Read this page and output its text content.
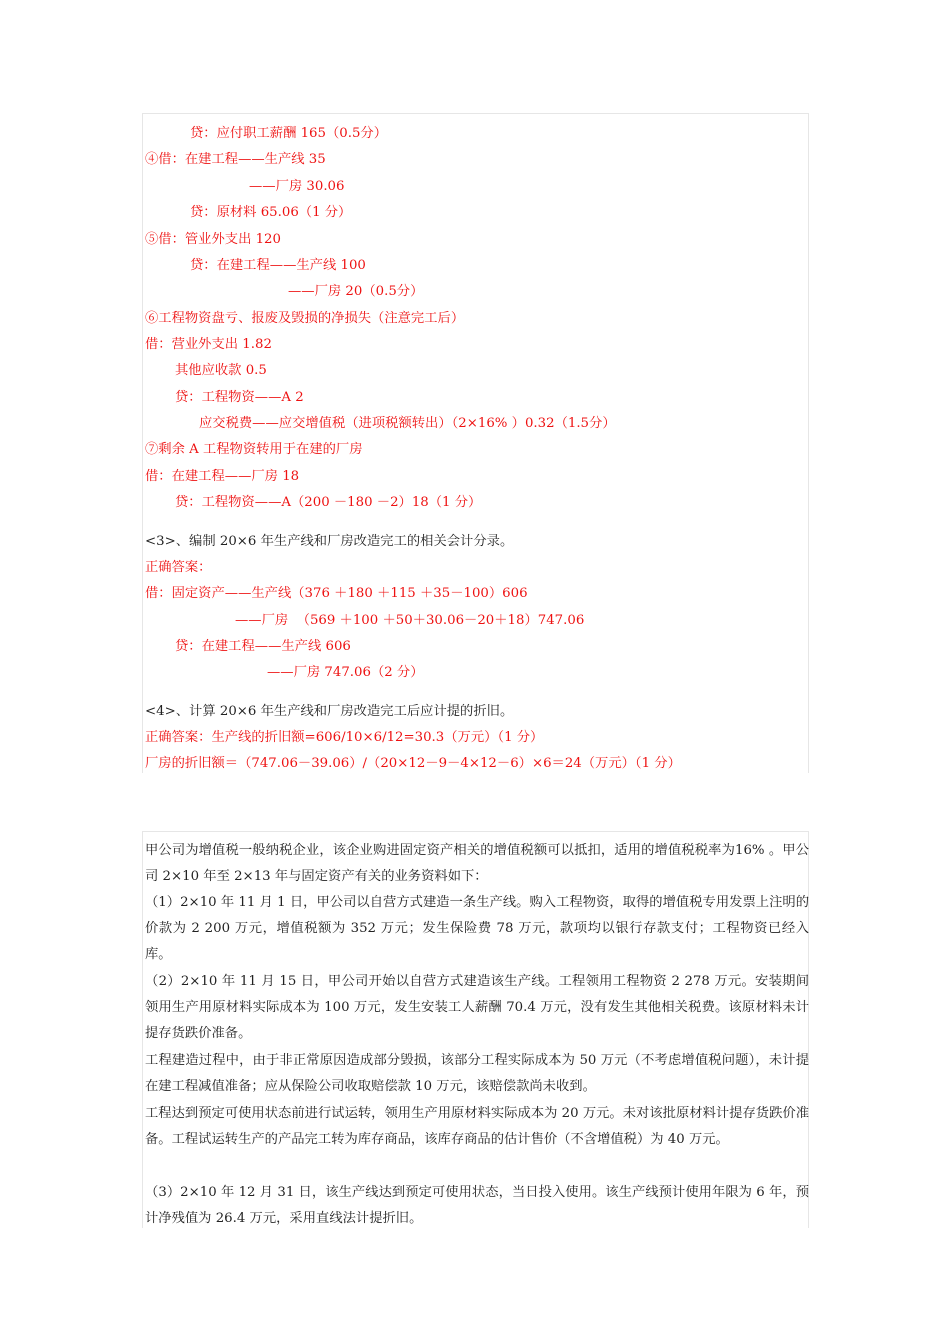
贷：应付职工薪酬 165（0.5分）
④借：在建工程——生产线 35
——厂房 30.06
贷：原材料 65.06（1 分）
⑤借：管业外支出 120
贷：在建工程——生产线 100
——厂房 20（0.5分）
⑥工程物资盘亏、报废及毁损的净损失（注意完工后）
借：营业外支出 1.82
其他应收款 0.5
贷：工程物资——A 2
应交税费——应交增值税（进项税额转出）（2×16% ）0.32（1.5分）
⑦剩余 A 工程物资转用于在建的厂房
借：在建工程——厂房 18
贷：工程物资——A（200 －180 －2）18（1 分）
<3>、编制 20×6 年生产线和厂房改造完工的相关会计分录。
正确答案：
借：固定资产——生产线（376 ＋180 ＋115 ＋35－100）606
——厂房  （569 ＋100 ＋50＋30.06－20＋18）747.06
贷：在建工程——生产线 606
——厂房 747.06（2 分）
<4>、计算 20×6 年生产线和厂房改造完工后应计提的折旧。
正确答案：生产线的折旧额=606/10×6/12=30.3（万元）（1 分）
厂房的折旧额＝（747.06－39.06）/（20×12－9－4×12－6）×6＝24（万元）（1 分）
甲公司为增值税一般纳税企业，该企业购进固定资产相关的增值税额可以抵扣，适用的增值税税率为16% 。甲公司 2×10 年至 2×13 年与固定资产有关的业务资料如下：
（1）2×10 年 11 月 1 日，甲公司以自营方式建造一条生产线。购入工程物资，取得的增值税专用发票上注明的价款为 2 200 万元，增值税额为 352 万元；发生保险费 78 万元，款项均以银行存款支付；工程物资已经入库。
（2）2×10 年 11 月 15 日，甲公司开始以自营方式建造该生产线。工程领用工程物资 2 278 万元。安装期间领用生产用原材料实际成本为 100 万元，发生安装工人薪酬 70.4 万元，没有发生其他相关税费。该原材料未计提存货跌价准备。
工程建造过程中，由于非正常原因造成部分毁损，该部分工程实际成本为 50 万元（不考虑增值税问题），未计提在建工程减值准备；应从保险公司收取赔偿款 10 万元，该赔偿款尚未收到。
工程达到预定可使用状态前进行试运转，领用生产用原材料实际成本为 20 万元。未对该批原材料计提存货跌价准备。工程试运转生产的产品完工转为库存商品，该库存商品的估计售价（不含增值税）为 40 万元。
（3）2×10 年 12 月 31 日，该生产线达到预定可使用状态，当日投入使用。该生产线预计使用年限为 6 年，预计净残值为 26.4 万元，采用直线法计提折旧。
